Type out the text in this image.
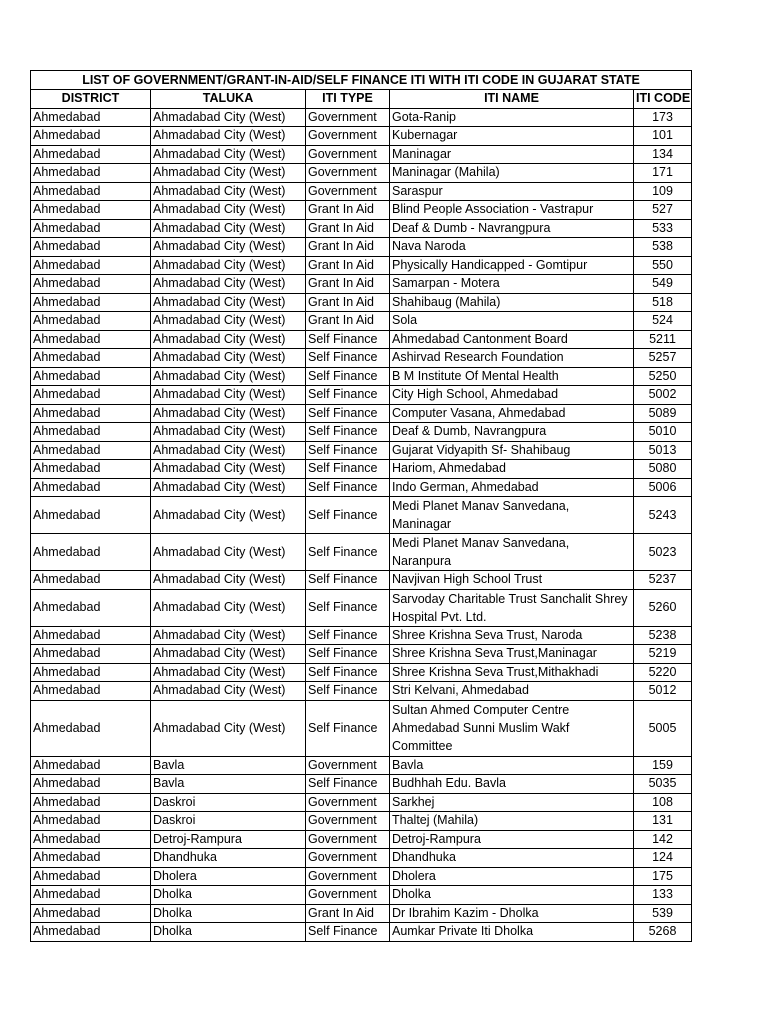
LIST OF GOVERNMENT/GRANT-IN-AID/SELF FINANCE ITI WITH ITI CODE IN GUJARAT STATE				
DISTRICT	TALUKA	ITI TYPE	ITI NAME	ITI CODE
Ahmedabad	Ahmadabad City (West)	Government	Gota-Ranip	173
Ahmedabad	Ahmadabad City (West)	Government	Kubernagar	101
Ahmedabad	Ahmadabad City (West)	Government	Maninagar	134
Ahmedabad	Ahmadabad City (West)	Government	Maninagar (Mahila)	171
Ahmedabad	Ahmadabad City (West)	Government	Saraspur	109
Ahmedabad	Ahmadabad City (West)	Grant In Aid	Blind People Association - Vastrapur	527
Ahmedabad	Ahmadabad City (West)	Grant In Aid	Deaf & Dumb - Navrangpura	533
Ahmedabad	Ahmadabad City (West)	Grant In Aid	Nava Naroda	538
Ahmedabad	Ahmadabad City (West)	Grant In Aid	Physically Handicapped - Gomtipur	550
Ahmedabad	Ahmadabad City (West)	Grant In Aid	Samarpan - Motera	549
Ahmedabad	Ahmadabad City (West)	Grant In Aid	Shahibaug (Mahila)	518
Ahmedabad	Ahmadabad City (West)	Grant In Aid	Sola	524
Ahmedabad	Ahmadabad City (West)	Self Finance	Ahmedabad Cantonment Board	5211
Ahmedabad	Ahmadabad City (West)	Self Finance	Ashirvad Research Foundation	5257
Ahmedabad	Ahmadabad City (West)	Self Finance	B M Institute Of Mental Health	5250
Ahmedabad	Ahmadabad City (West)	Self Finance	City High School, Ahmedabad	5002
Ahmedabad	Ahmadabad City (West)	Self Finance	Computer Vasana, Ahmedabad	5089
Ahmedabad	Ahmadabad City (West)	Self Finance	Deaf & Dumb, Navrangpura	5010
Ahmedabad	Ahmadabad City (West)	Self Finance	Gujarat Vidyapith Sf- Shahibaug	5013
Ahmedabad	Ahmadabad City (West)	Self Finance	Hariom, Ahmedabad	5080
Ahmedabad	Ahmadabad City (West)	Self Finance	Indo German, Ahmedabad	5006
Ahmedabad	Ahmadabad City (West)	Self Finance	Medi Planet Manav Sanvedana, Maninagar	5243
Ahmedabad	Ahmadabad City (West)	Self Finance	Medi Planet Manav Sanvedana, Naranpura	5023
Ahmedabad	Ahmadabad City (West)	Self Finance	Navjivan High School Trust	5237
Ahmedabad	Ahmadabad City (West)	Self Finance	Sarvoday Charitable Trust Sanchalit Shrey Hospital Pvt. Ltd.	5260
Ahmedabad	Ahmadabad City (West)	Self Finance	Shree Krishna Seva Trust, Naroda	5238
Ahmedabad	Ahmadabad City (West)	Self Finance	Shree Krishna Seva Trust,Maninagar	5219
Ahmedabad	Ahmadabad City (West)	Self Finance	Shree Krishna Seva Trust,Mithakhadi	5220
Ahmedabad	Ahmadabad City (West)	Self Finance	Stri Kelvani, Ahmedabad	5012
Ahmedabad	Ahmadabad City (West)	Self Finance	Sultan Ahmed Computer Centre Ahmedabad Sunni Muslim Wakf Committee	5005
Ahmedabad	Bavla	Government	Bavla	159
Ahmedabad	Bavla	Self Finance	Budhhah Edu. Bavla	5035
Ahmedabad	Daskroi	Government	Sarkhej	108
Ahmedabad	Daskroi	Government	Thaltej (Mahila)	131
Ahmedabad	Detroj-Rampura	Government	Detroj-Rampura	142
Ahmedabad	Dhandhuka	Government	Dhandhuka	124
Ahmedabad	Dholera	Government	Dholera	175
Ahmedabad	Dholka	Government	Dholka	133
Ahmedabad	Dholka	Grant In Aid	Dr Ibrahim Kazim - Dholka	539
Ahmedabad	Dholka	Self Finance	Aumkar Private Iti Dholka	5268
